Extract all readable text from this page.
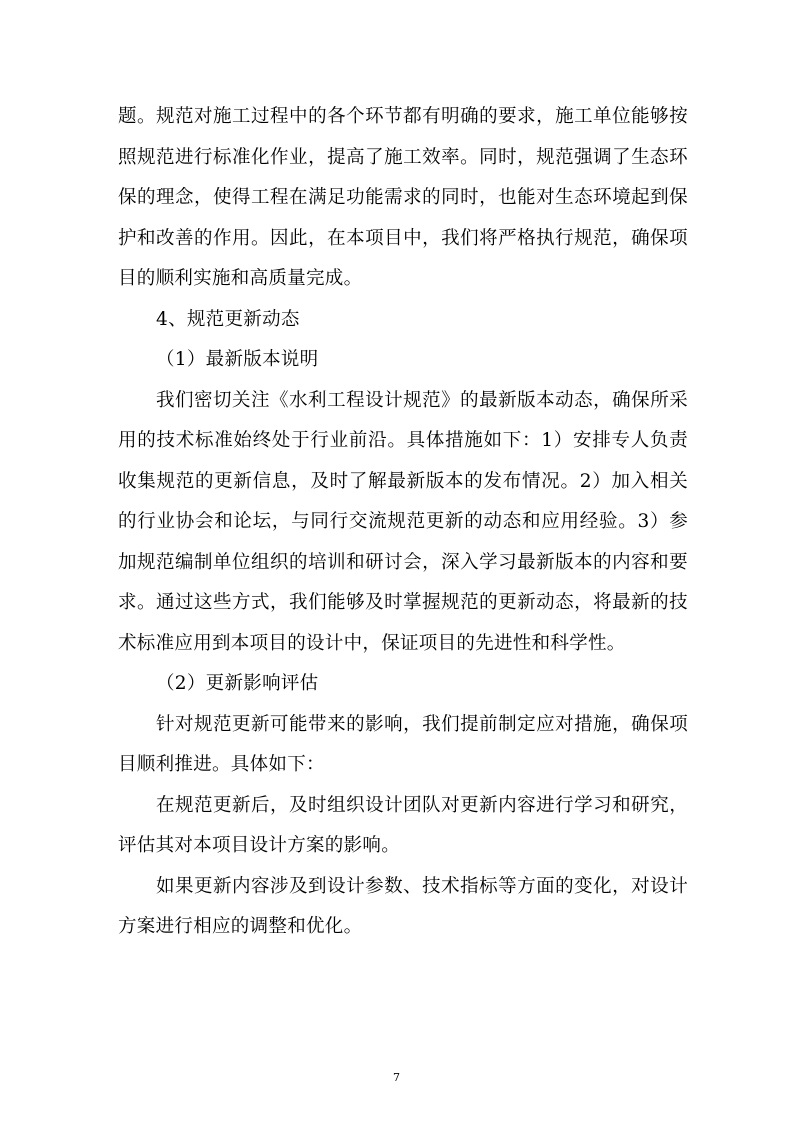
题。规范对施工过程中的各个环节都有明确的要求，施工单位能够按照规范进行标准化作业，提高了施工效率。同时，规范强调了生态环保的理念，使得工程在满足功能需求的同时，也能对生态环境起到保护和改善的作用。因此，在本项目中，我们将严格执行规范，确保项目的顺利实施和高质量完成。

4、规范更新动态

（1）最新版本说明

我们密切关注《水利工程设计规范》的最新版本动态，确保所采用的技术标准始终处于行业前沿。具体措施如下：1）安排专人负责收集规范的更新信息，及时了解最新版本的发布情况。2）加入相关的行业协会和论坛，与同行交流规范更新的动态和应用经验。3）参加规范编制单位组织的培训和研讨会，深入学习最新版本的内容和要求。通过这些方式，我们能够及时掌握规范的更新动态，将最新的技术标准应用到本项目的设计中，保证项目的先进性和科学性。

（2）更新影响评估

针对规范更新可能带来的影响，我们提前制定应对措施，确保项目顺利推进。具体如下：

在规范更新后，及时组织设计团队对更新内容进行学习和研究，评估其对本项目设计方案的影响。

如果更新内容涉及到设计参数、技术指标等方面的变化，对设计方案进行相应的调整和优化。

7
